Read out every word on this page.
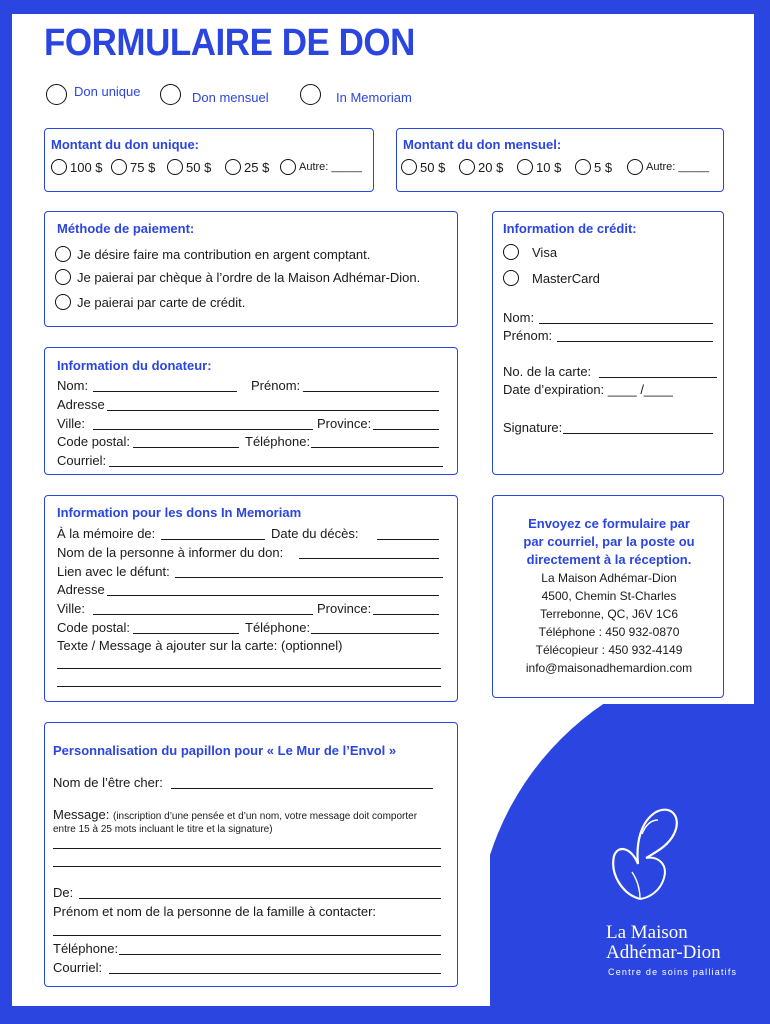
FORMULAIRE DE DON
Don unique	Don mensuel	In Memoriam
Montant du don unique:
100 $ 75 $ 50 $	25 $	Autre: _____
Montant du don mensuel:
50 $	20 $	10 $	5 $	Autre: _____
Méthode de paiement:
Je désire faire ma contribution en argent comptant.
Je paierai par chèque à l’ordre de la Maison Adhémar-Dion.
Je paierai par carte de crédit.
Information de crédit:
Visa
MasterCard
Nom:
Prénom:
No. de la carte:
Date d’expiration: ____ /____
Signature:
Information du donateur:
Nom:	Prénom:
Adresse
Ville:	Province:
Code postal:	Téléphone:
Courriel:
Information pour les dons In Memoriam
À la mémoire de:	Date du décès:
Nom de la personne à informer du don:
Lien avec le défunt:
Adresse
Ville:	Province:
Code postal:	Téléphone:
Texte / Message à ajouter sur la carte: (optionnel)
Envoyez ce formulaire par
par courriel, par la poste ou
directement à la réception.
La Maison Adhémar-Dion
4500, Chemin St-Charles
Terrebonne, QC, J6V 1C6
Téléphone : 450 932-0870
Télécopieur : 450 932-4149
info@maisonadhemardion.com
Personnalisation du papillon pour « Le Mur de l’Envol »
Nom de l’être cher:
Message: (inscription d’une pensée et d’un nom, votre message doit comporter
entre 15 à 25 mots incluant le titre et la signature)
De:
Prénom et nom de la personne de la famille à contacter:
Téléphone:
Courriel:
La Maison
Adhémar-Dion
Centre de soins palliatifs
